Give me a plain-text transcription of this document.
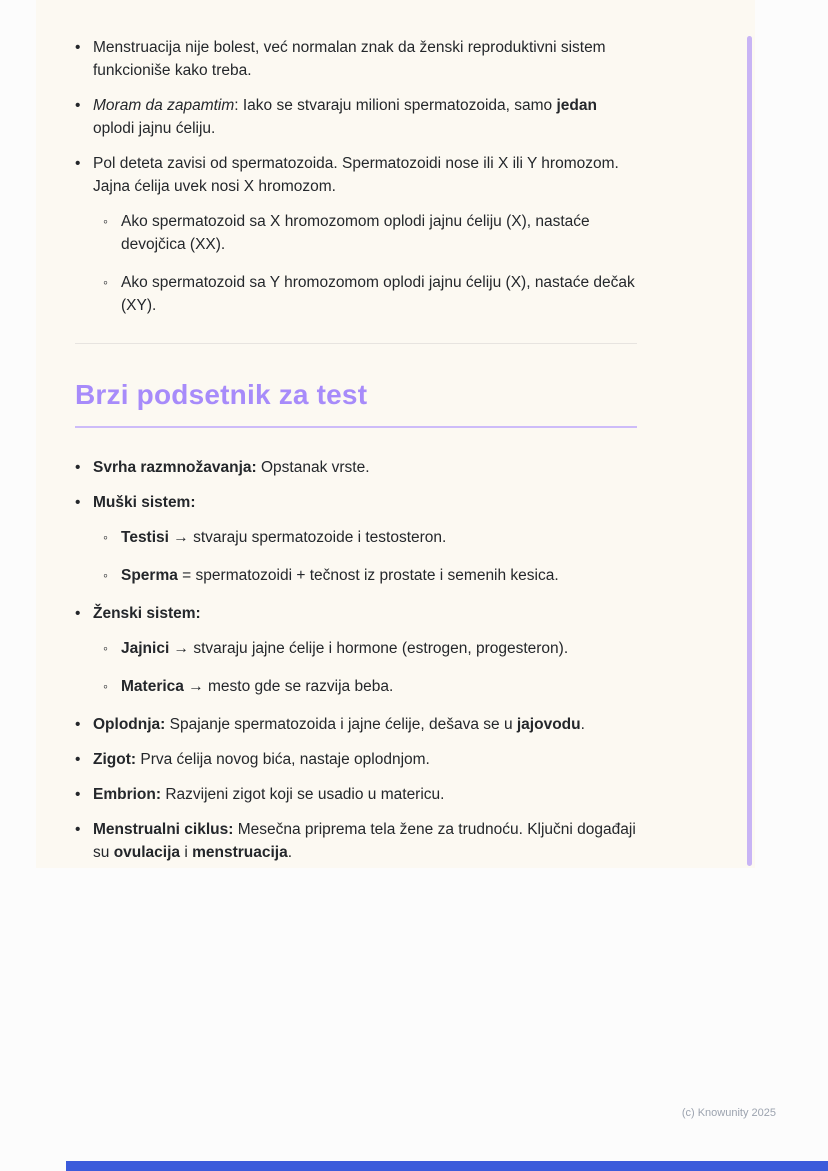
• Menstruacija nije bolest, već normalan znak da ženski reproduktivni sistem funkcioniše kako treba.
• Moram da zapamtim: Iako se stvaraju milioni spermatozoida, samo jedan oplodi jajnu ćeliju.
• Pol deteta zavisi od spermatozoida. Spermatozoidi nose ili X ili Y hromozom. Jajna ćelija uvek nosi X hromozom.
◦ Ako spermatozoid sa X hromozomom oplodi jajnu ćeliju (X), nastaće devojčica (XX).
◦ Ako spermatozoid sa Y hromozomom oplodi jajnu ćeliju (X), nastaće dečak (XY).
Brzi podsetnik za test
• Svrha razmnožavanja: Opstanak vrste.
• Muški sistem:
◦ Testisi → stvaraju spermatozoide i testosteron.
◦ Sperma = spermatozoidi + tečnost iz prostate i semenih kesica.
• Ženski sistem:
◦ Jajnici → stvaraju jajne ćelije i hormone (estrogen, progesteron).
◦ Materica → mesto gde se razvija beba.
• Oplodnja: Spajanje spermatozoida i jajne ćelije, dešava se u jajovodu.
• Zigot: Prva ćelija novog bića, nastaje oplodnjom.
• Embrion: Razvijeni zigot koji se usadio u matericu.
• Menstrualni ciklus: Mesečna priprema tela žene za trudnoću. Ključni događaji su ovulacija i menstruacija.
(c) Knowunity 2025
